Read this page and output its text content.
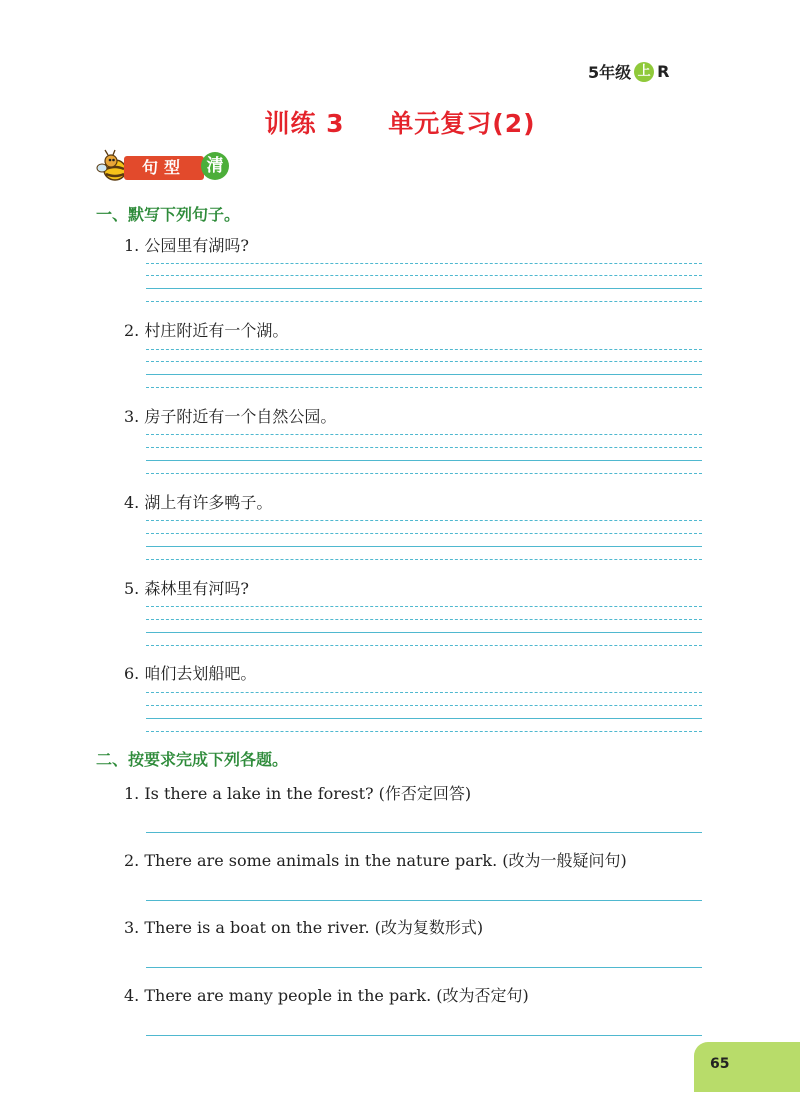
5年级 上 R
训练 3 单元复习(2)
句型	清
一、默写下列句子。
1. 公园里有湖吗?
2. 村庄附近有一个湖。
3. 房子附近有一个自然公园。
4. 湖上有许多鸭子。
5. 森林里有河吗?
6. 咱们去划船吧。
二、按要求完成下列各题。
1. Is there a lake in the forest? (作否定回答)
2. There are some animals in the nature park. (改为一般疑问句)
3. There is a boat on the river. (改为复数形式)
4. There are many people in the park. (改为否定句)
65
